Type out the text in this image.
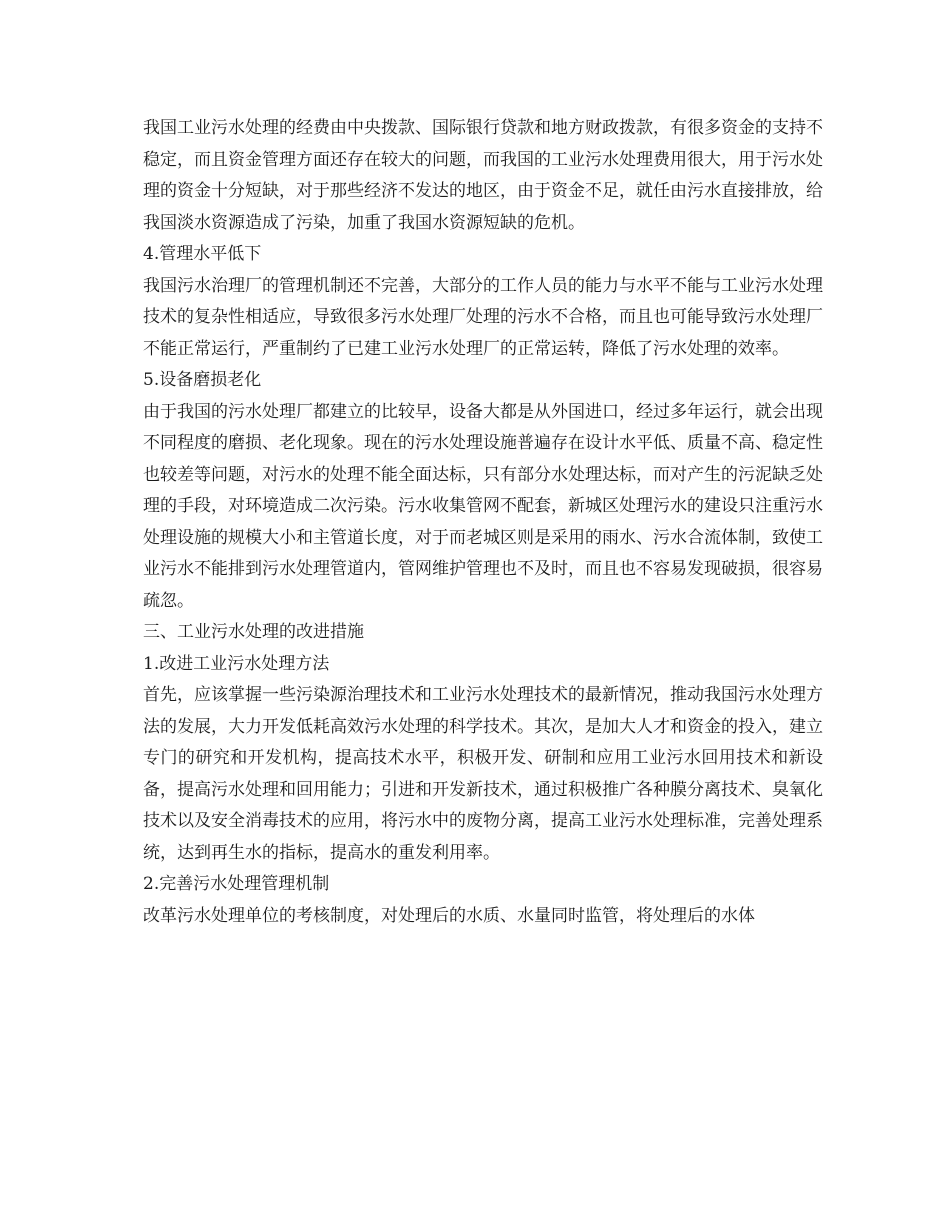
我国工业污水处理的经费由中央拨款、国际银行贷款和地方财政拨款，有很多资金的支持不稳定，而且资金管理方面还存在较大的问题，而我国的工业污水处理费用很大，用于污水处理的资金十分短缺，对于那些经济不发达的地区，由于资金不足，就任由污水直接排放，给我国淡水资源造成了污染，加重了我国水资源短缺的危机。

4.管理水平低下

我国污水治理厂的管理机制还不完善，大部分的工作人员的能力与水平不能与工业污水处理技术的复杂性相适应，导致很多污水处理厂处理的污水不合格，而且也可能导致污水处理厂不能正常运行，严重制约了已建工业污水处理厂的正常运转，降低了污水处理的效率。

5.设备磨损老化

由于我国的污水处理厂都建立的比较早，设备大都是从外国进口，经过多年运行，就会出现不同程度的磨损、老化现象。现在的污水处理设施普遍存在设计水平低、质量不高、稳定性也较差等问题，对污水的处理不能全面达标，只有部分水处理达标，而对产生的污泥缺乏处理的手段，对环境造成二次污染。污水收集管网不配套，新城区处理污水的建设只注重污水处理设施的规模大小和主管道长度，对于而老城区则是采用的雨水、污水合流体制，致使工业污水不能排到污水处理管道内，管网维护管理也不及时，而且也不容易发现破损，很容易疏忽。

三、工业污水处理的改进措施

1.改进工业污水处理方法

首先，应该掌握一些污染源治理技术和工业污水处理技术的最新情况，推动我国污水处理方法的发展，大力开发低耗高效污水处理的科学技术。其次，是加大人才和资金的投入，建立专门的研究和开发机构，提高技术水平，积极开发、研制和应用工业污水回用技术和新设备，提高污水处理和回用能力；引进和开发新技术，通过积极推广各种膜分离技术、臭氧化技术以及安全消毒技术的应用，将污水中的废物分离，提高工业污水处理标准，完善处理系统，达到再生水的指标，提高水的重发利用率。

2.完善污水处理管理机制

改革污水处理单位的考核制度，对处理后的水质、水量同时监管，将处理后的水体
